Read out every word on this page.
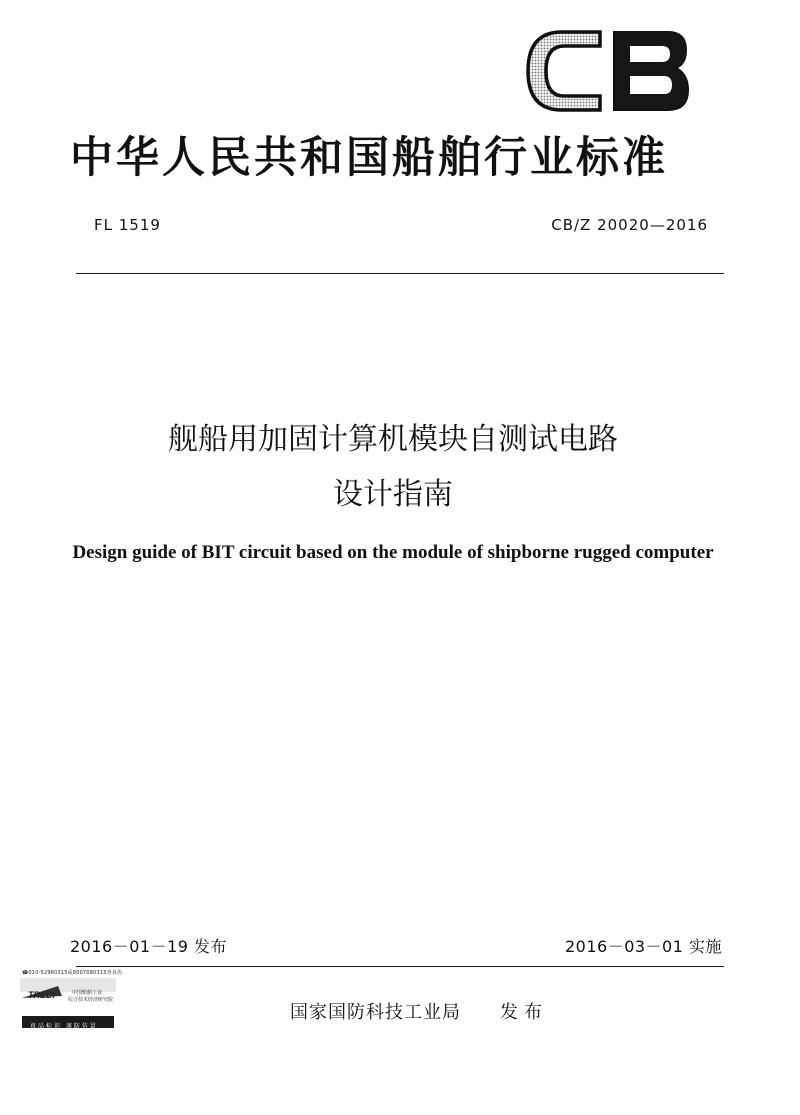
中华人民共和国船舶行业标准
FL 1519	CB/Z 20020—2016
舰船用加固计算机模块自测试电路
设计指南
Design guide of BIT circuit based on the module of shipborne rugged computer
2016－01－19 发布	2016－03－01 实施
国家国防科技工业局 发布
☎010-52960315或80070803​15查真伪
TREDI	中国船舶工业
综合技术经济研究院
真品标识 谨防仿冒
